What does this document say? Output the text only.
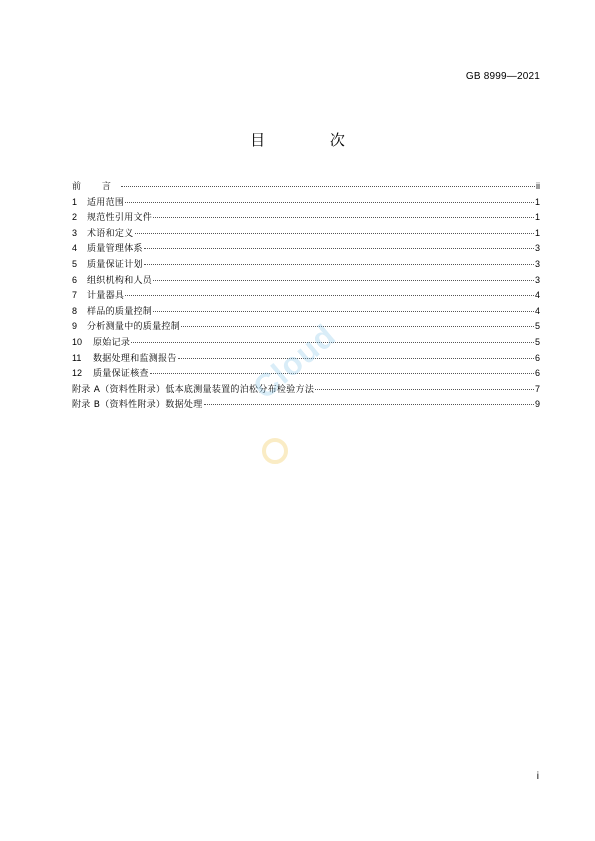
GB 8999—2021
目 次
前 言	ii
1	适用范围	1
2	规范性引用文件	1
3	术语和定义	1
4	质量管理体系	3
5	质量保证计划	3
6	组织机构和人员	3
7	计量器具	4
8	样品的质量控制	4
9	分析测量中的质量控制	5
10	原始记录	5
11	数据处理和监测报告	6
12	质量保证核查	6
附录 A（资料性附录）低本底测量装置的泊松分布检验方法	7
附录 B（资料性附录）数据处理	9
Cloud
i
